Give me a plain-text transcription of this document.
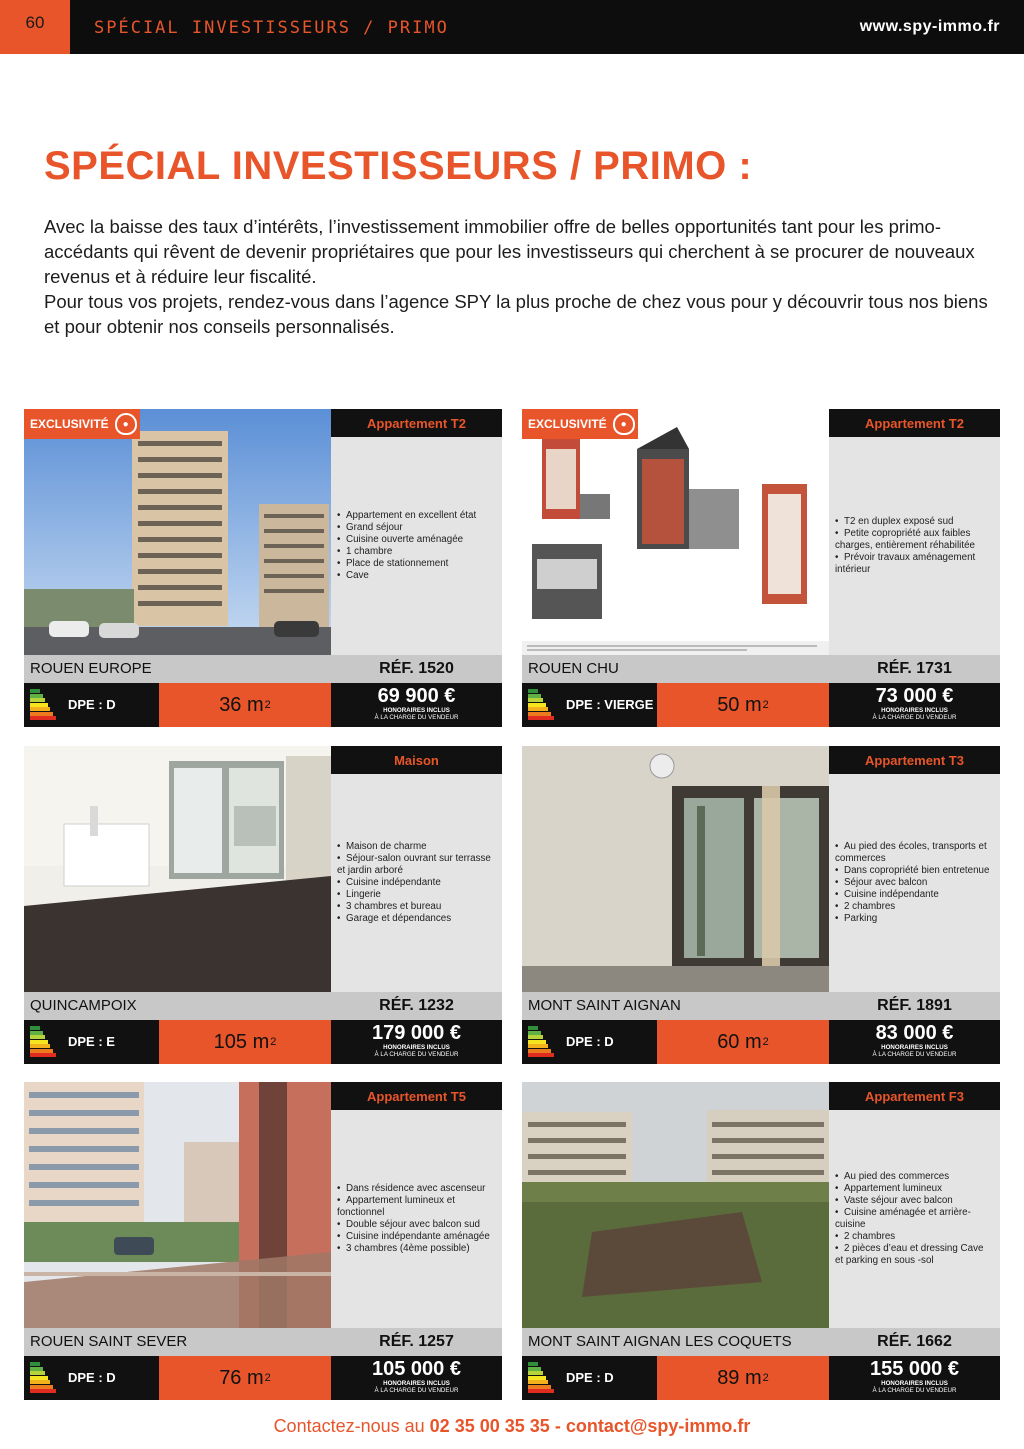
60	SPÉCIAL INVESTISSEURS / PRIMO	www.spy-immo.fr
SPÉCIAL INVESTISSEURS / PRIMO :

Avec la baisse des taux d’intérêts, l’investissement immobilier offre de belles opportunités tant pour les primo-accédants qui rêvent de devenir propriétaires que pour les investisseurs qui cherchent à se procurer de nouveaux revenus et à réduire leur fiscalité.

Pour tous vos projets, rendez-vous dans l’agence SPY la plus proche de chez vous pour y découvrir tous nos biens et pour obtenir nos conseils personnalisés.

EXCLUSIVITÉ	●	Appartement T2
• Appartement en excellent état
• Grand séjour
• Cuisine ouverte aménagée
• 1 chambre
• Place de stationnement
• Cave
ROUEN EUROPE	RÉF. 1520
DPE : D	36
m 2	69 900 €
HONORAIRES INCLUS
À LA CHARGE DU VENDEUR
EXCLUSIVITÉ	●	Appartement T2
• T2 en duplex exposé sud
• Petite copropriété aux faibles charges, entièrement réhabilitée
• Prévoir travaux aménagement intérieur
ROUEN CHU	RÉF. 1731
DPE : VIERGE	50
m 2	73 000 €
HONORAIRES INCLUS
À LA CHARGE DU VENDEUR
Maison
• Maison de charme
• Séjour-salon ouvrant sur terrasse et jardin arboré
• Cuisine indépendante
• Lingerie
• 3 chambres et bureau
• Garage et dépendances
QUINCAMPOIX	RÉF. 1232
DPE : E	105
m 2	179 000 €
HONORAIRES INCLUS
À LA CHARGE DU VENDEUR
Appartement T3
• Au pied des écoles, transports et commerces
• Dans copropriété bien entretenue
• Séjour avec balcon
• Cuisine indépendante
• 2 chambres
• Parking
MONT SAINT AIGNAN	RÉF. 1891
DPE : D	60
m 2	83 000 €
HONORAIRES INCLUS
À LA CHARGE DU VENDEUR
Appartement T5
• Dans résidence avec ascenseur
• Appartement lumineux et fonctionnel
• Double séjour avec balcon sud
• Cuisine indépendante aménagée
• 3 chambres (4ème possible)
ROUEN SAINT SEVER	RÉF. 1257
DPE : D	76
m 2	105 000 €
HONORAIRES INCLUS
À LA CHARGE DU VENDEUR
Appartement F3
• Au pied des commerces
• Appartement lumineux
• Vaste séjour avec balcon
• Cuisine aménagée et arrière-cuisine
• 2 chambres
• 2 pièces d’eau et dressing Cave et parking en sous -sol
MONT SAINT AIGNAN LES COQUETS	RÉF. 1662
DPE : D	89
m 2	155 000 €
HONORAIRES INCLUS
À LA CHARGE DU VENDEUR
Contactez-nous au 02 35 00 35 35 - contact@spy-immo.fr
